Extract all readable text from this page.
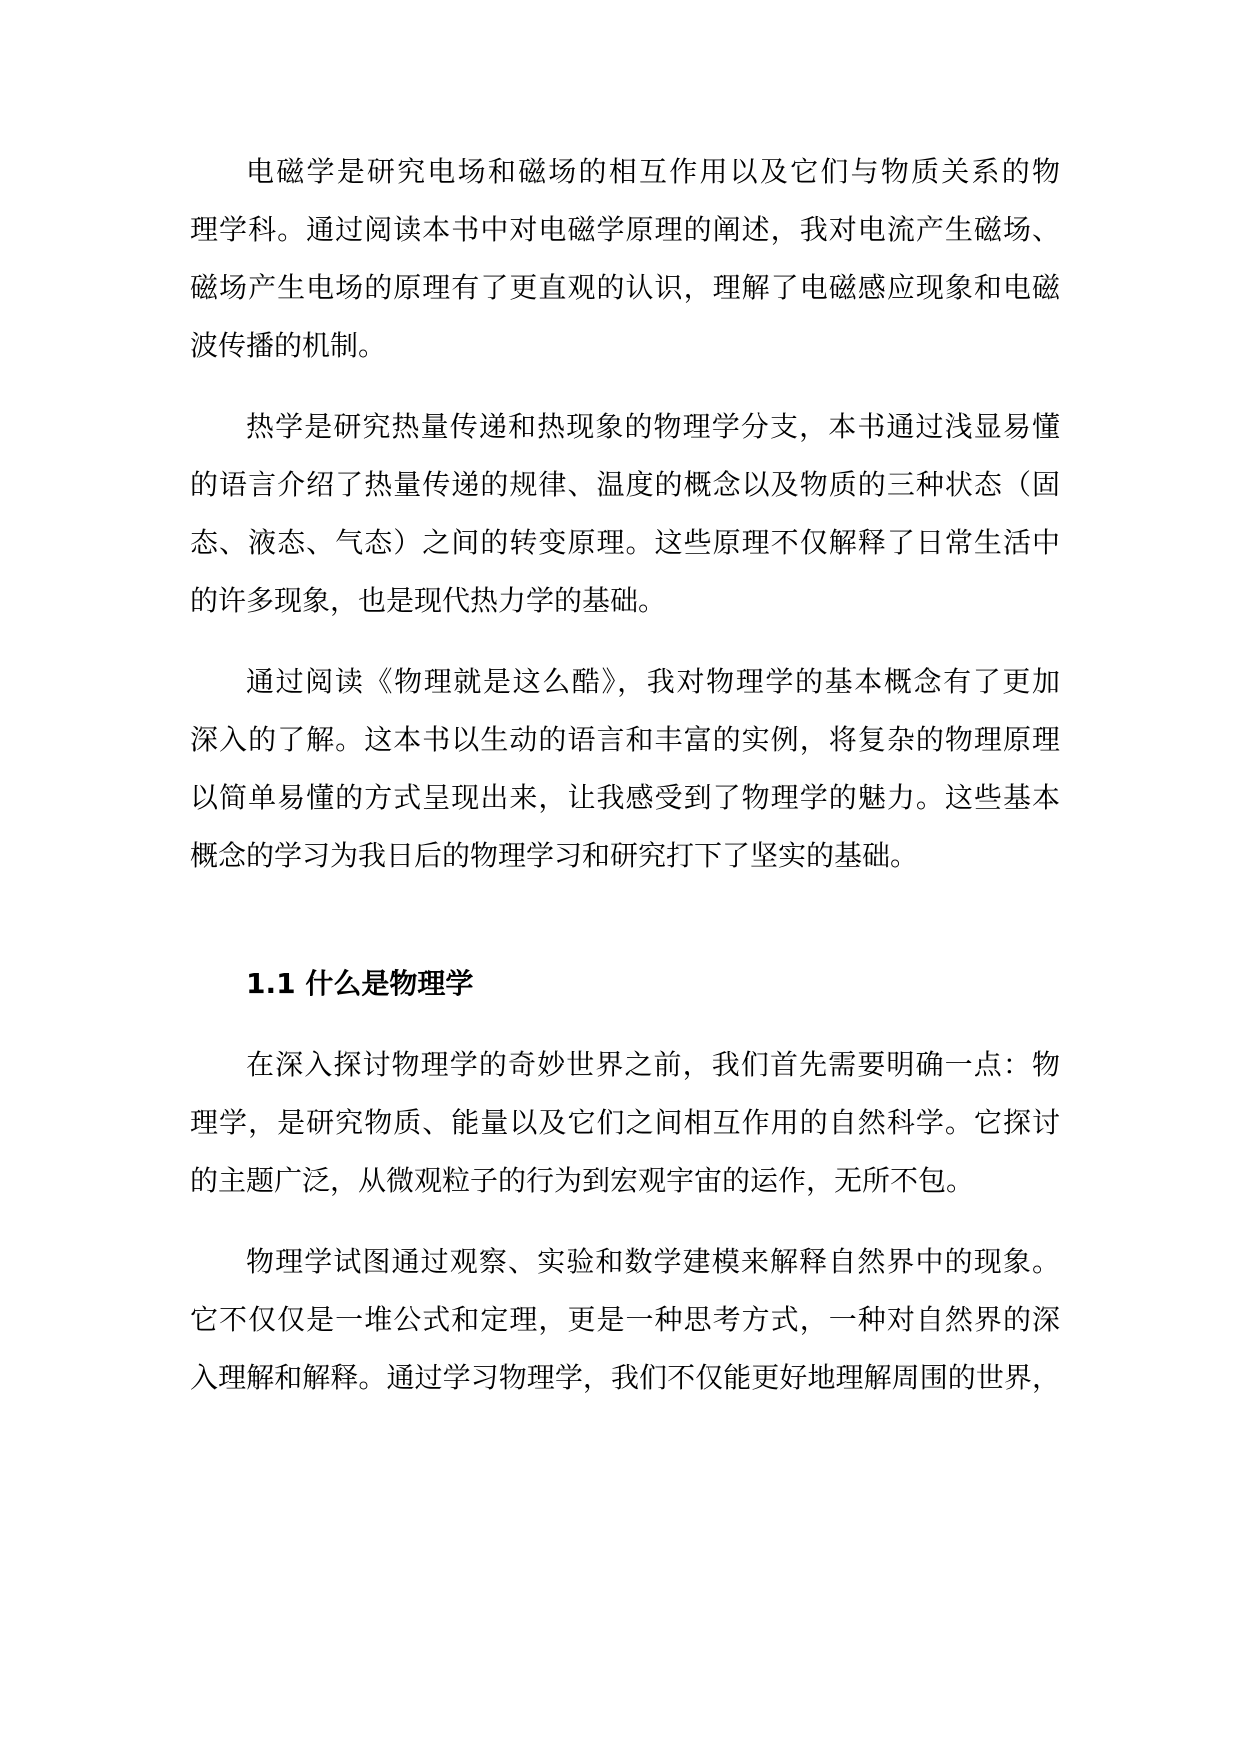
电磁学是研究电场和磁场的相互作用以及它们与物质关系的物
理学科。通过阅读本书中对电磁学原理的阐述，我对电流产生磁场、
磁场产生电场的原理有了更直观的认识，理解了电磁感应现象和电磁
波传播的机制。

热学是研究热量传递和热现象的物理学分支，本书通过浅显易懂
的语言介绍了热量传递的规律、温度的概念以及物质的三种状态（固
态、液态、气态）之间的转变原理。这些原理不仅解释了日常生活中
的许多现象，也是现代热力学的基础。

通过阅读《物理就是这么酷》，我对物理学的基本概念有了更加
深入的了解。这本书以生动的语言和丰富的实例，将复杂的物理原理
以简单易懂的方式呈现出来，让我感受到了物理学的魅力。这些基本
概念的学习为我日后的物理学习和研究打下了坚实的基础。

1.1 什么是物理学

在深入探讨物理学的奇妙世界之前，我们首先需要明确一点：物
理学，是研究物质、能量以及它们之间相互作用的自然科学。它探讨
的主题广泛，从微观粒子的行为到宏观宇宙的运作，无所不包。

物理学试图通过观察、实验和数学建模来解释自然界中的现象。
它不仅仅是一堆公式和定理，更是一种思考方式，一种对自然界的深
入理解和解释。通过学习物理学，我们不仅能更好地理解周围的世界，
